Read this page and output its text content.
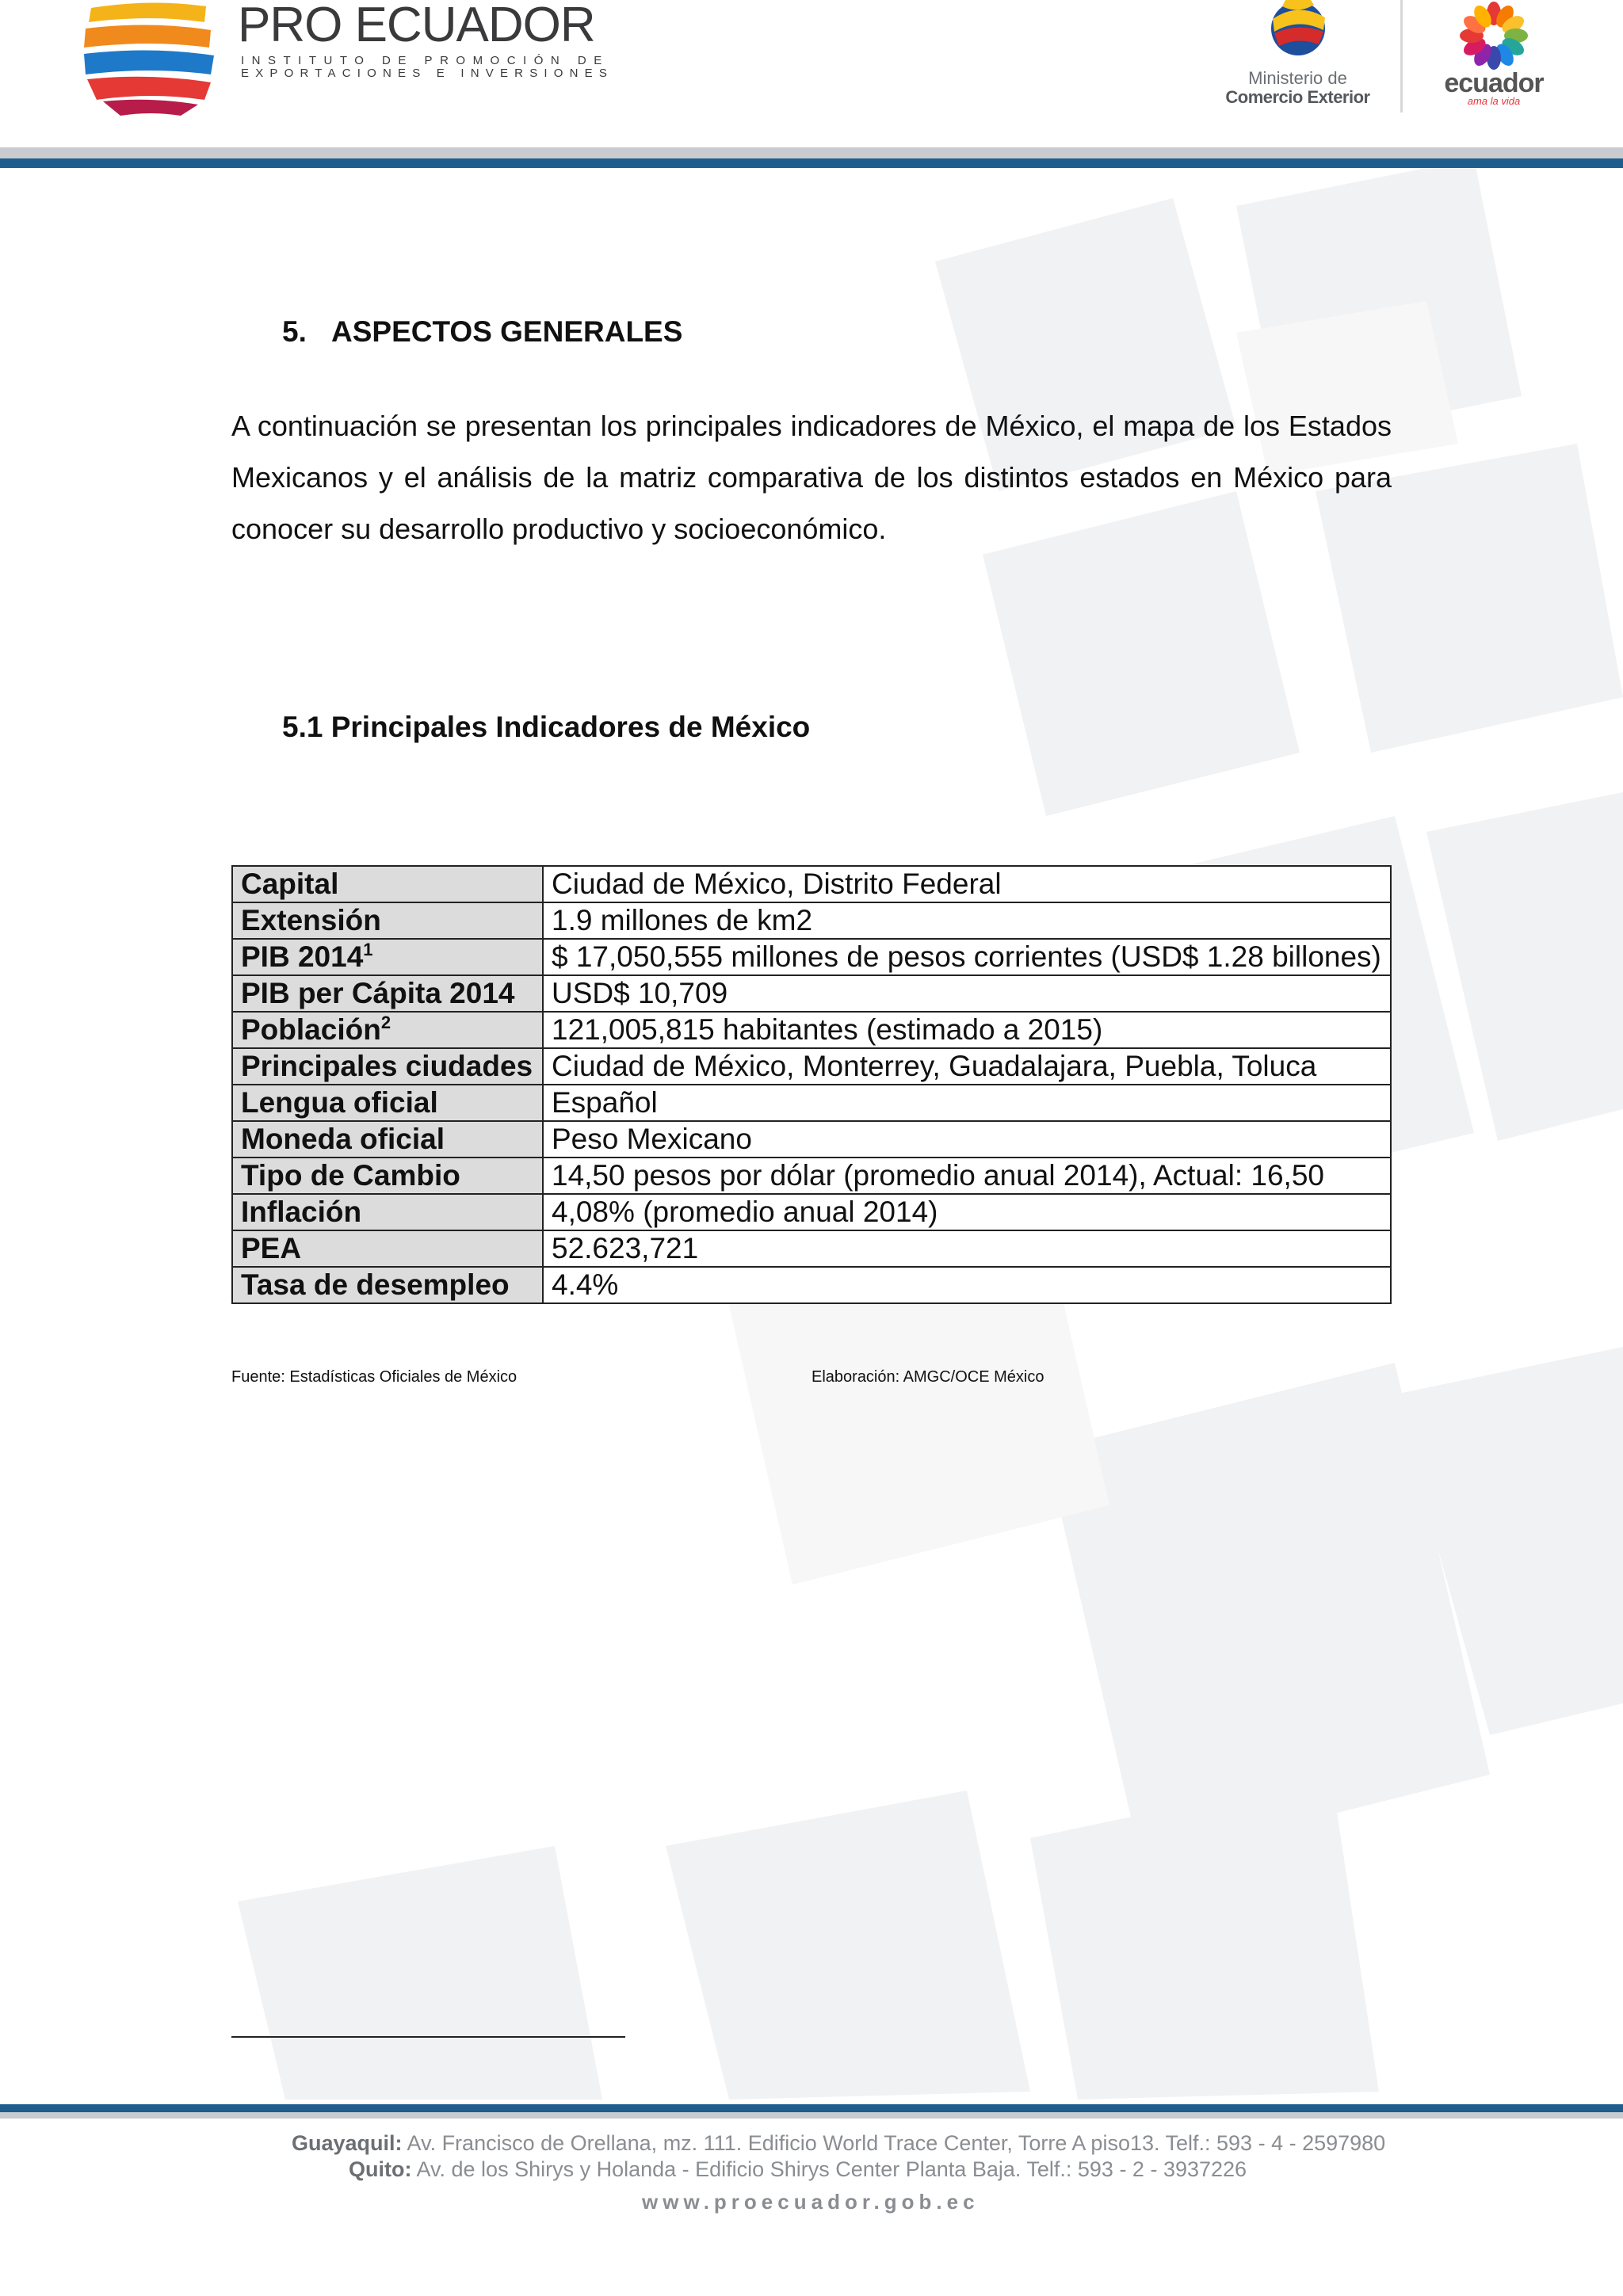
PRO ECUADOR
INSTITUTO DE PROMOCIÓN DE
EXPORTACIONES E INVERSIONES	Ministerio de
Comercio Exterior	ecuador
ama la vida
5. ASPECTOS GENERALES
A continuación se presentan los principales indicadores de México, el mapa de los Estados Mexicanos y el análisis de la matriz comparativa de los distintos estados en México para conocer su desarrollo productivo y socioeconómico.
5.1 Principales Indicadores de México
Capital	Ciudad de México, Distrito Federal
Extensión	1.9 millones de km2
PIB 2014$^1$	$ 17,050,555 millones de pesos corrientes (USD$ 1.28 billones)
PIB per Cápita 2014	USD$ 10,709
Población$^2$	121,005,815 habitantes (estimado a 2015)
Principales ciudades	Ciudad de México, Monterrey, Guadalajara, Puebla, Toluca
Lengua oficial	Español
Moneda oficial	Peso Mexicano
Tipo de Cambio	14,50 pesos por dólar (promedio anual 2014), Actual: 16,50
Inflación	4,08% (promedio anual 2014)
PEA	52.623,721
Tasa de desempleo	4.4%
Fuente: Estadísticas Oficiales de México	Elaboración: AMGC/OCE México
Guayaquil: Av. Francisco de Orellana, mz. 111. Edificio World Trace Center, Torre A piso13. Telf.: 593 - 4 - 2597980
Quito: Av. de los Shirys y Holanda - Edificio Shirys Center Planta Baja. Telf.: 593 - 2 - 3937226
www.proecuador.gob.ec
